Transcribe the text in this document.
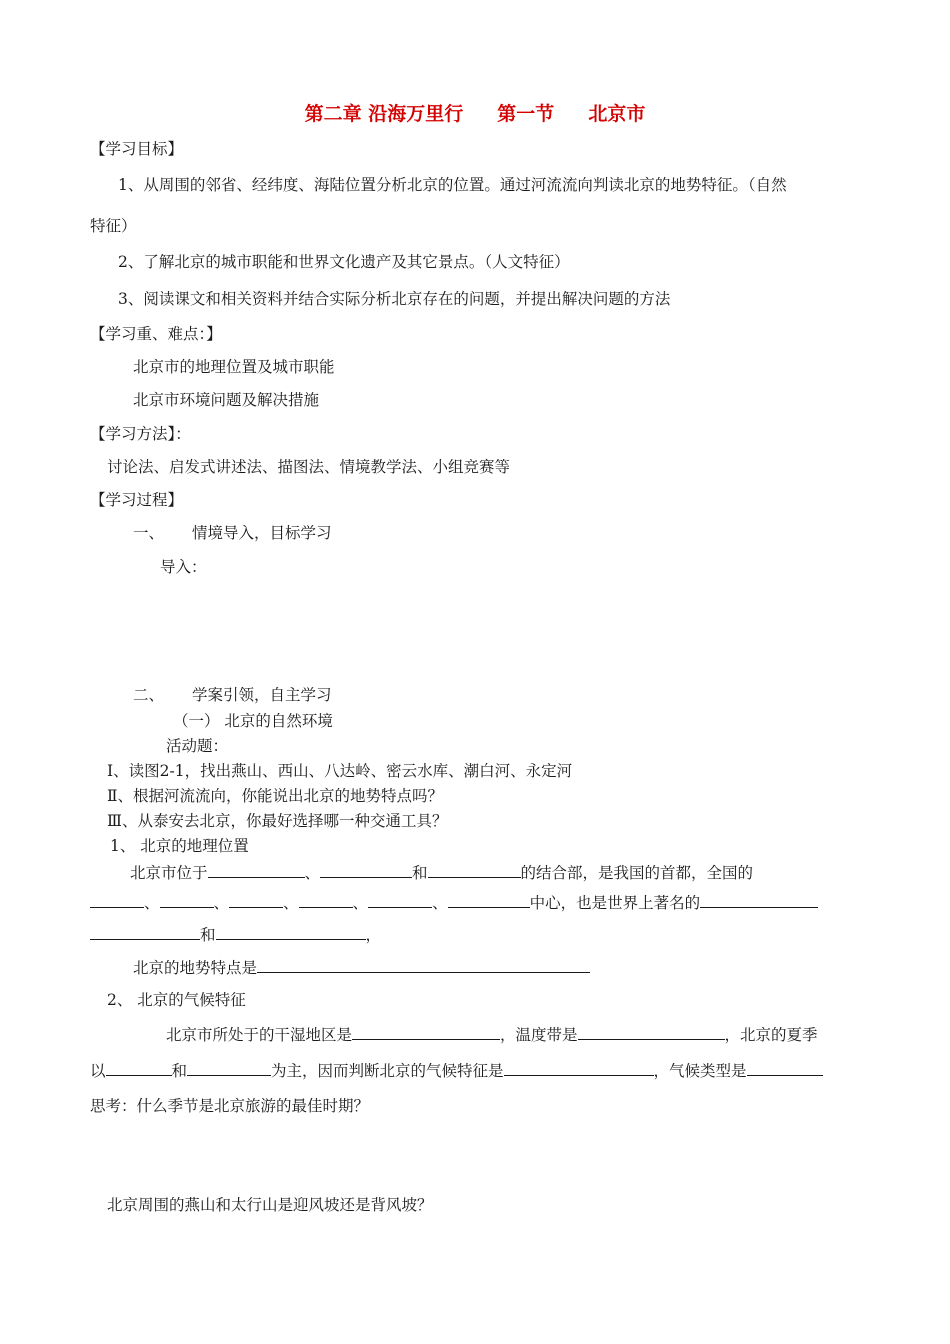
第二章 沿海万里行 第一节 北京市
【学习目标】
1、从周围的邻省、经纬度、海陆位置分析北京的位置。通过河流流向判读北京的地势特征。（自然
特征）
2、了解北京的城市职能和世界文化遗产及其它景点。（人文特征）
3、阅读课文和相关资料并结合实际分析北京存在的问题，并提出解决问题的方法
【学习重、难点：】
北京市的地理位置及城市职能
北京市环境问题及解决措施
【学习方法】：
讨论法、启发式讲述法、描图法、情境教学法、小组竞赛等
【学习过程】
一、 情境导入，目标学习
导入：
二、 学案引领，自主学习
（一） 北京的自然环境
活动题：
Ⅰ、读图2-1，找出燕山、西山、八达岭、密云水库、潮白河、永定河
Ⅱ、根据河流流向，你能说出北京的地势特点吗？
Ⅲ、从泰安去北京，你最好选择哪一种交通工具？
1、 北京的地理位置
北京市位于	、	和	的结合部，是我国的首都，全国的
、	、	、	、	、	中心，也是世界上著名的
和	，
北京的地势特点是
2、 北京的气候特征
北京市所处于的干湿地区是	，温度带是	，北京的夏季
以	和	为主，因而判断北京的气候特征是	，气候类型是
思考：什么季节是北京旅游的最佳时期？
北京周围的燕山和太行山是迎风坡还是背风坡？
